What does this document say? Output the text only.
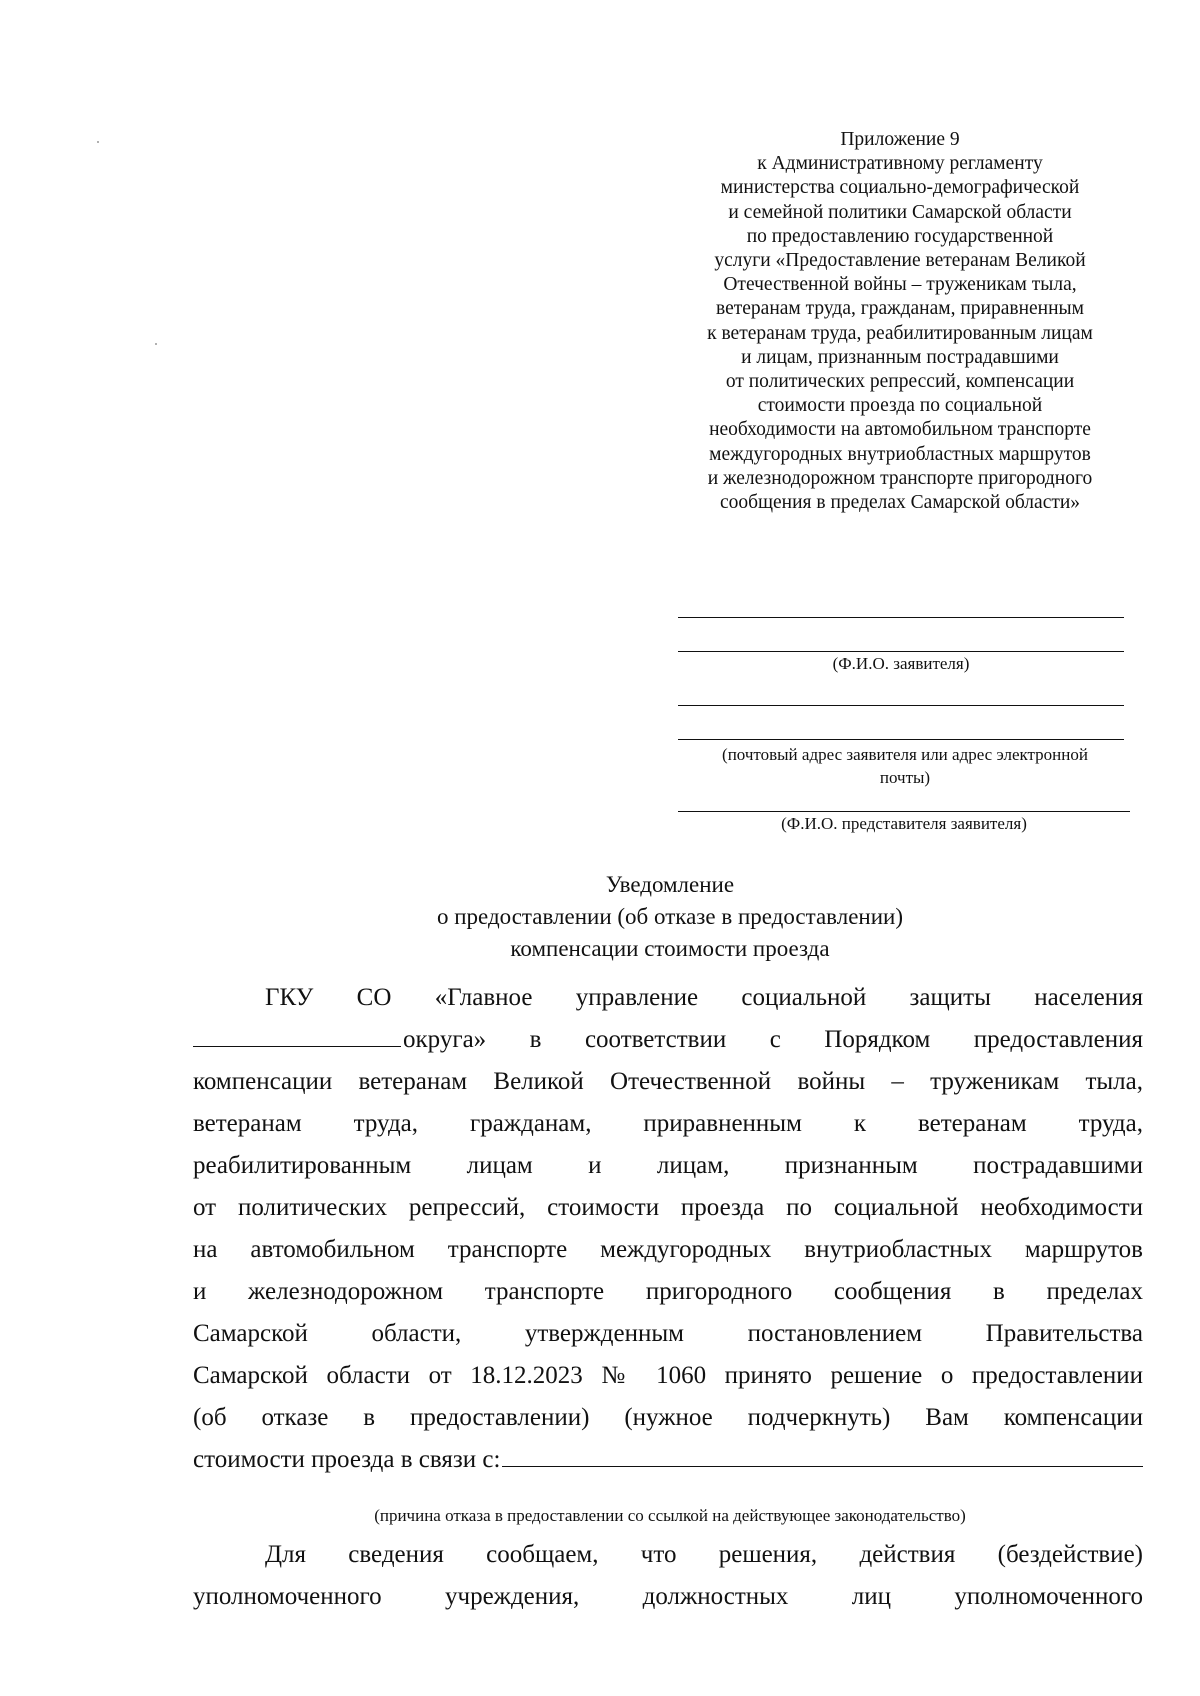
Приложение 9
к Административному регламенту
министерства социально-демографической
и семейной политики Самарской области
по предоставлению государственной
услуги «Предоставление ветеранам Великой
Отечественной войны – труженикам тыла,
ветеранам труда, гражданам, приравненным
к ветеранам труда, реабилитированным лицам
и лицам, признанным пострадавшими
от политических репрессий, компенсации
стоимости проезда по социальной
необходимости на автомобильном транспорте
междугородных внутриобластных маршрутов
и железнодорожном транспорте пригородного
сообщения в пределах Самарской области»
(Ф.И.О. заявителя)
(почтовый адрес заявителя или адрес электронной
почты)
(Ф.И.О. представителя заявителя)
Уведомление
о предоставлении (об отказе в предоставлении)
компенсации стоимости проезда
ГКУ СО «Главное управление социальной защиты населения
округа» в соответствии с Порядком предоставления
компенсации ветеранам Великой Отечественной войны – труженикам тыла,
ветеранам труда, гражданам, приравненным к ветеранам труда,
реабилитированным лицам и лицам, признанным пострадавшими
от политических репрессий, стоимости проезда по социальной необходимости
на автомобильном транспорте междугородных внутриобластных маршрутов
и железнодорожном транспорте пригородного сообщения в пределах
Самарской области, утвержденным постановлением Правительства
Самарской области от 18.12.2023 № 1060 принято решение о предоставлении
(об отказе в предоставлении) (нужное подчеркнуть) Вам компенсации
стоимости проезда в связи с:
(причина отказа в предоставлении со ссылкой на действующее законодательство)
Для сведения сообщаем, что решения, действия (бездействие)
уполномоченного учреждения, должностных лиц уполномоченного
